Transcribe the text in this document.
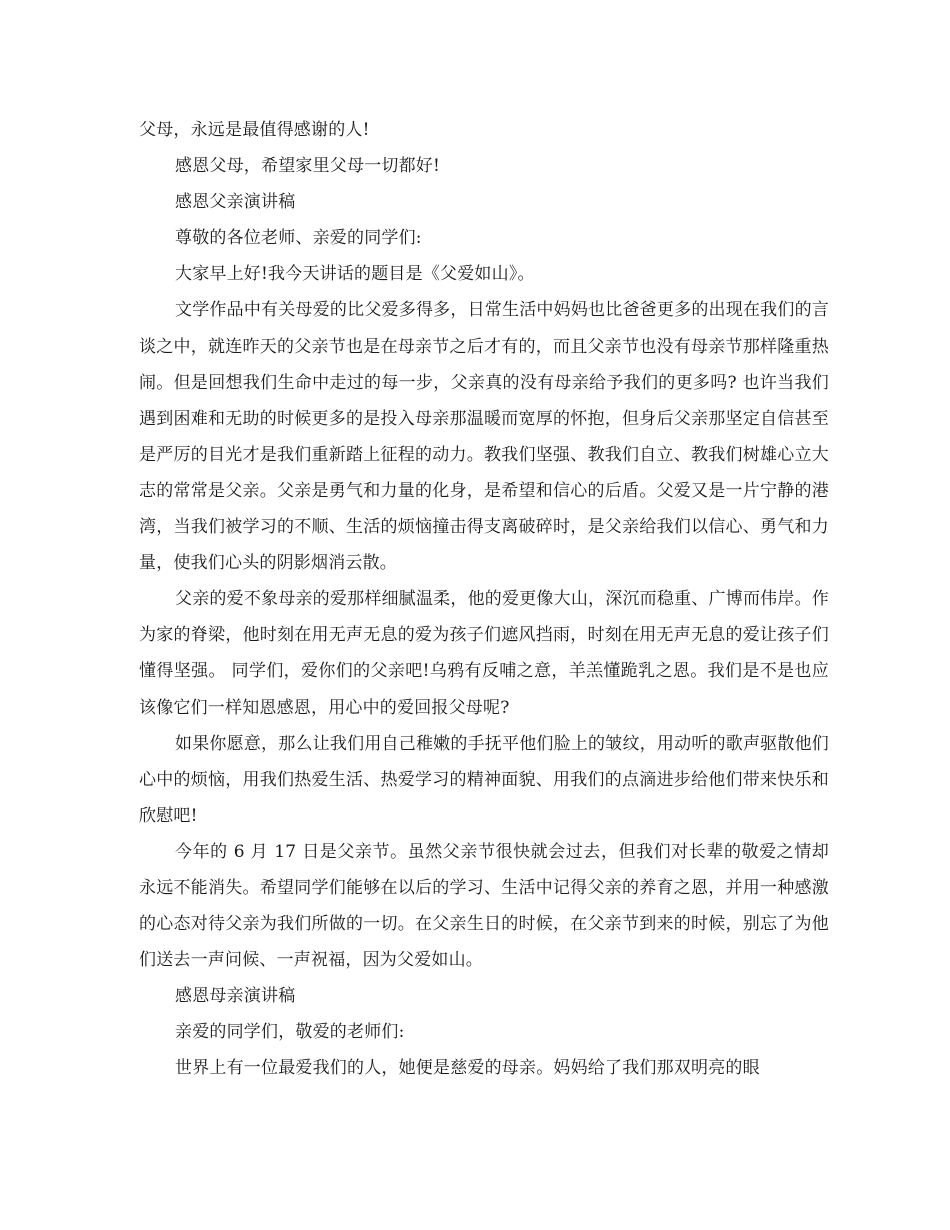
父母，永远是最值得感谢的人!

感恩父母，希望家里父母一切都好!

感恩父亲演讲稿

尊敬的各位老师、亲爱的同学们:

大家早上好!我今天讲话的题目是《父爱如山》。

文学作品中有关母爱的比父爱多得多，日常生活中妈妈也比爸爸更多的出现在我们的言谈之中，就连昨天的父亲节也是在母亲节之后才有的，而且父亲节也没有母亲节那样隆重热闹。但是回想我们生命中走过的每一步，父亲真的没有母亲给予我们的更多吗? 也许当我们遇到困难和无助的时候更多的是投入母亲那温暖而宽厚的怀抱，但身后父亲那坚定自信甚至是严厉的目光才是我们重新踏上征程的动力。教我们坚强、教我们自立、教我们树雄心立大志的常常是父亲。父亲是勇气和力量的化身，是希望和信心的后盾。父爱又是一片宁静的港湾，当我们被学习的不顺、生活的烦恼撞击得支离破碎时，是父亲给我们以信心、勇气和力量，使我们心头的阴影烟消云散。

父亲的爱不象母亲的爱那样细腻温柔，他的爱更像大山，深沉而稳重、广博而伟岸。作为家的脊梁，他时刻在用无声无息的爱为孩子们遮风挡雨，时刻在用无声无息的爱让孩子们懂得坚强。 同学们，爱你们的父亲吧!乌鸦有反哺之意，羊羔懂跪乳之恩。我们是不是也应该像它们一样知恩感恩，用心中的爱回报父母呢?

如果你愿意，那么让我们用自己稚嫩的手抚平他们脸上的皱纹，用动听的歌声驱散他们心中的烦恼，用我们热爱生活、热爱学习的精神面貌、用我们的点滴进步给他们带来快乐和欣慰吧!

今年的 6 月 17 日是父亲节。虽然父亲节很快就会过去，但我们对长辈的敬爱之情却永远不能消失。希望同学们能够在以后的学习、生活中记得父亲的养育之恩，并用一种感激的心态对待父亲为我们所做的一切。在父亲生日的时候，在父亲节到来的时候，别忘了为他们送去一声问候、一声祝福，因为父爱如山。

感恩母亲演讲稿

亲爱的同学们，敬爱的老师们:

世界上有一位最爱我们的人，她便是慈爱的母亲。妈妈给了我们那双明亮的眼
